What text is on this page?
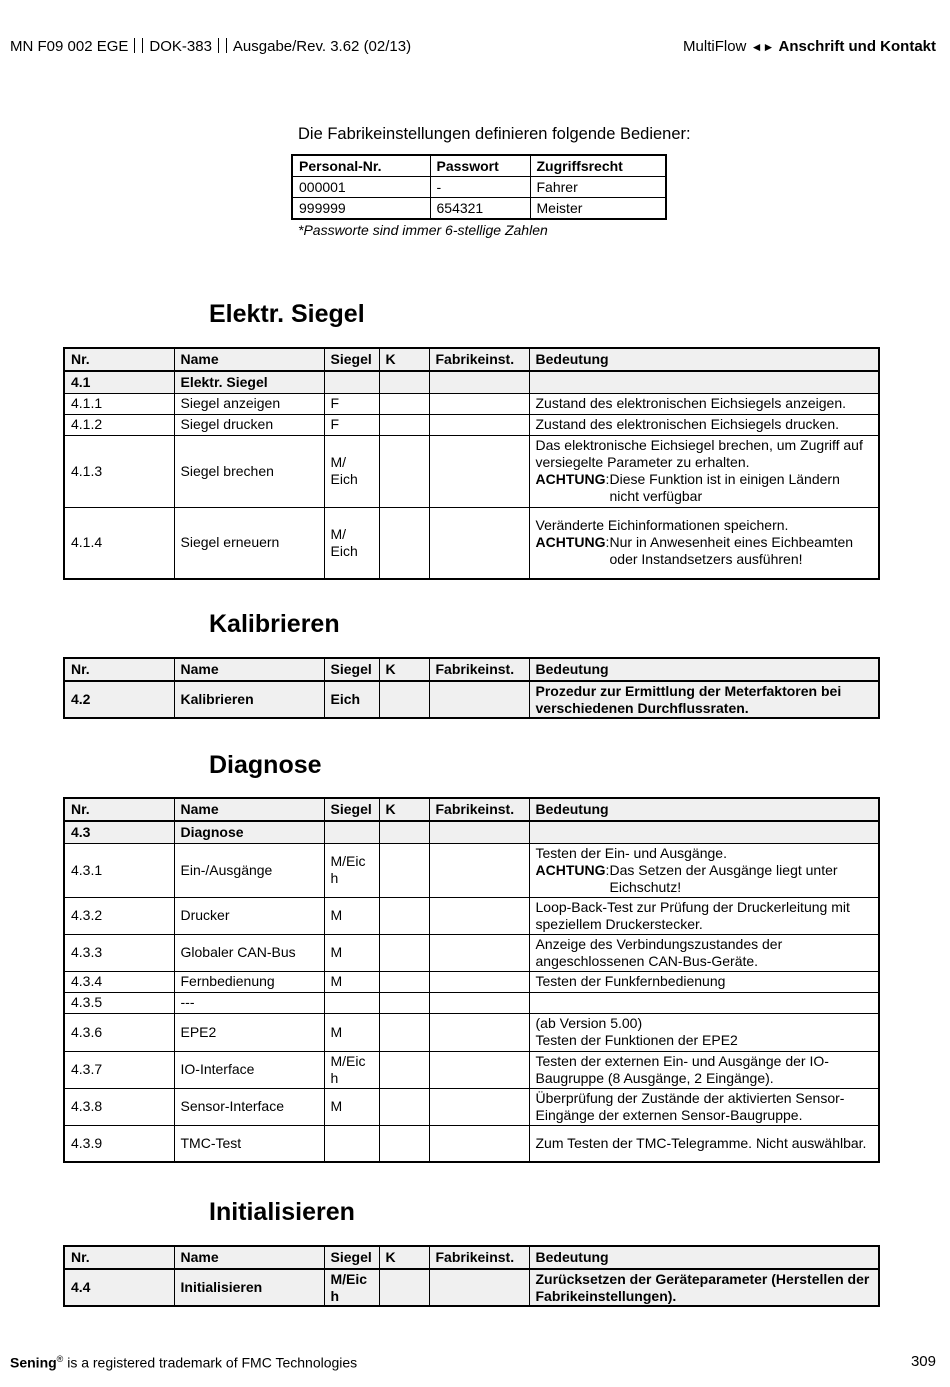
MN F09 002 EGE DOK-383 Ausgabe/Rev. 3.62 (02/13)	MultiFlow ◄► Anschrift und Kontakt
Die Fabrikeinstellungen definieren folgende Bediener:
Personal-Nr.	Passwort	Zugriffsrecht
000001	-	Fahrer
999999	654321	Meister
*Passworte sind immer 6-stellige Zahlen
Elektr. Siegel
Nr.	Name	Siegel	K	Fabrikeinst.	Bedeutung
4.1	Elektr. Siegel				
4.1.1	Siegel anzeigen	F			Zustand des elektronischen Eichsiegels anzeigen.
4.1.2	Siegel drucken	F			Zustand des elektronischen Eichsiegels drucken.
4.1.3	Siegel brechen	M/ Eich			Das elektronische Eichsiegel brechen, um Zugriff auf versiegelte Parameter zu erhalten.
ACHTUNG: Diese Funktion ist in einigen Ländern nicht verfügbar

4.1.4	Siegel erneuern	M/ Eich			Veränderte Eichinformationen speichern.
ACHTUNG: Nur in Anwesenheit eines Eichbeamten oder Instandsetzers ausführen!
Kalibrieren
Nr.	Name	Siegel	K	Fabrikeinst.	Bedeutung
4.2	Kalibrieren	Eich			Prozedur zur Ermittlung der Meterfaktoren bei verschiedenen Durchflussraten.
Diagnose
Nr.	Name	Siegel	K	Fabrikeinst.	Bedeutung
4.3	Diagnose				
4.3.1	Ein-/Ausgänge	M/Eic h			Testen der Ein- und Ausgänge.
ACHTUNG: Das Setzen der Ausgänge liegt unter Eichschutz!

4.3.2	Drucker	M			Loop-Back-Test zur Prüfung der Druckerleitung mit speziellem Druckerstecker.
4.3.3	Globaler CAN-Bus	M			Anzeige des Verbindungszustandes der angeschlossenen CAN-Bus-Geräte.
4.3.4	Fernbedienung	M			Testen der Funkfernbedienung
4.3.5	---				
4.3.6	EPE2	M			(ab Version 5.00)
Testen der Funktionen der EPE2

4.3.7	IO-Interface	M/Eic h			Testen der externen Ein- und Ausgänge der IO-Baugruppe (8 Ausgänge, 2 Eingänge).
4.3.8	Sensor-Interface	M			Überprüfung der Zustände der aktivierten Sensor-Eingänge der externen Sensor-Baugruppe.
4.3.9	TMC-Test				Zum Testen der TMC-Telegramme. Nicht auswählbar.
Initialisieren
Nr.	Name	Siegel	K	Fabrikeinst.	Bedeutung
4.4	Initialisieren	M/Eic h			Zurücksetzen der Geräteparameter (Herstellen der Fabrikeinstellungen).
Sening® is a registered trademark of FMC Technologies	309
